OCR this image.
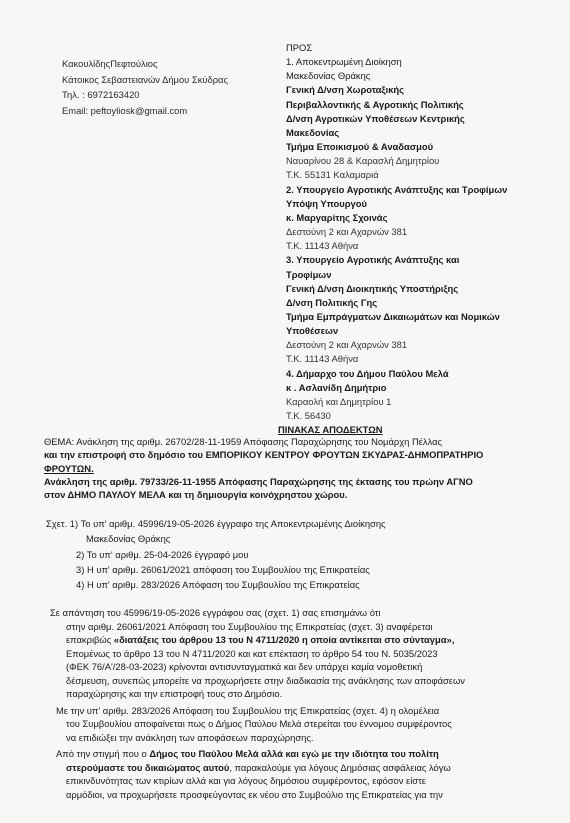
ΚακουλίδηςΠεφτούλιος
Κάτοικος Σεβαστειανών Δήμου Σκύδρας
Τηλ. : 6972163420
Email: peftoyliosk@gmail.com
ΠΡΟΣ
1. Αποκεντρωμένη Διοίκηση
Μακεδονίας Θράκης
Γενική Δ/νση Χωροταξικής
Περιβαλλοντικής & Αγροτικής Πολιτικής
Δ/νση Αγροτικών Υποθέσεων Κεντρικής
Μακεδονίας
Τμήμα Εποικισμού & Αναδασμού
Ναυαρίνου 28 & Καρασλή Δημητρίου
Τ.Κ. 55131 Καλαμαριά
2. Υπουργείο Αγροτικής Ανάπτυξης και Τροφίμων
Υπόψη Υπουργού
κ. Μαργαρίτης Σχοινάς
Δεστούνη 2 και Αχαρνών 381
Τ.Κ. 11143 Αθήνα
3. Υπουργείο Αγροτικής Ανάπτυξης και
Τροφίμων
Γενική Δ/νση Διοικητικής Υποστήριξης
Δ/νση Πολιτικής Γης
Τμήμα Εμπράγματων Δικαιωμάτων και Νομικών
Υποθέσεων
Δεστούνη 2 και Αχαρνών 381
Τ.Κ. 11143 Αθήνα
4. Δήμαρχο του Δήμου Παύλου Μελά
κ . Ασλανίδη Δημήτριο
Καραολή και Δημητρίου 1
Τ.Κ. 56430
ΠΙΝΑΚΑΣ ΑΠΟΔΕΚΤΩΝ
ΘΕΜΑ: Ανάκληση της αριθμ. 26702/28-11-1959 Απόφασης Παραχώρησης του Νομάρχη Πέλλας
και την επιστροφή στο δημόσιο του ΕΜΠΟΡΙΚΟΥ ΚΕΝΤΡΟΥ ΦΡΟΥΤΩΝ ΣΚΥΔΡΑΣ-ΔΗΜΟΠΡΑΤΗΡΙΟ
ΦΡΟΥΤΩΝ.
Ανάκληση της αριθμ. 79733/26-11-1955 Απόφασης Παραχώρησης της έκτασης του πρώην ΑΓΝΟ
στον ΔΗΜΟ ΠΑΥΛΟΥ ΜΕΛΑ και τη δημιουργία κοινόχρηστου χώρου.
Σχετ. 1) Το υπ' αριθμ. 45996/19-05-2026 έγγραφο της Αποκεντρωμένης Διοίκησης
Μακεδονίας Θράκης
2) Το υπ' αριθμ. 25-04-2026 έγγραφό μου
3) Η υπ' αριθμ. 26061/2021 απόφαση του Συμβουλίου της Επικρατείας
4) Η υπ' αριθμ. 283/2026 Απόφαση του Συμβουλίου της Επικρατείας
Σε απάντηση του 45996/19-05-2026 εγγράφου σας (σχετ. 1) σας επισημάνω ότι
στην αριθμ. 26061/2021 Απόφαση του Συμβουλίου της Επικρατείας (σχετ. 3) αναφέρεται
επακριβώς «διατάξεις του άρθρου 13 του Ν 4711/2020 η οποία αντίκειται στο σύνταγμα»,
Επομένως το άρθρο 13 του Ν 4711/2020 και κατ επέκταση το άρθρο 54 του Ν. 5035/2023
(ΦΕΚ 76/Α'/28-03-2023) κρίνονται αντισυνταγματικά και δεν υπάρχει καμία νομοθετική
δέσμευση, συνεπώς μπορείτε να προχωρήσετε στην διαδικασία της ανάκλησης των αποφάσεων
παραχώρησης και την επιστροφή τους στο Δημόσιο.
Με την υπ' αριθμ. 283/2026 Απόφαση του Συμβουλίου της Επικρατείας (σχετ. 4) η ολομέλεια
του Συμβουλίου αποφαίνεται πως ο Δήμος Παύλου Μελά στερείται του έννομου συμφέροντος
να επιδιώξει την ανάκληση των αποφάσεων παραχώρησης.
Από την στιγμή που ο Δήμος του Παύλου Μελά αλλά και εγώ με την ιδιότητα του πολίτη
στερούμαστε του δικαιώματος αυτού, παρακαλούμε για λόγους Δημόσιας ασφάλειας λόγω
επικινδυνότητας των κτιρίων αλλά και για λόγους δημόσιου συμφέροντος, εφόσον είστε
αρμόδιοι, να προχωρήσετε προσφεύγοντας εκ νέου στο Συμβούλιο της Επικρατείας για την
